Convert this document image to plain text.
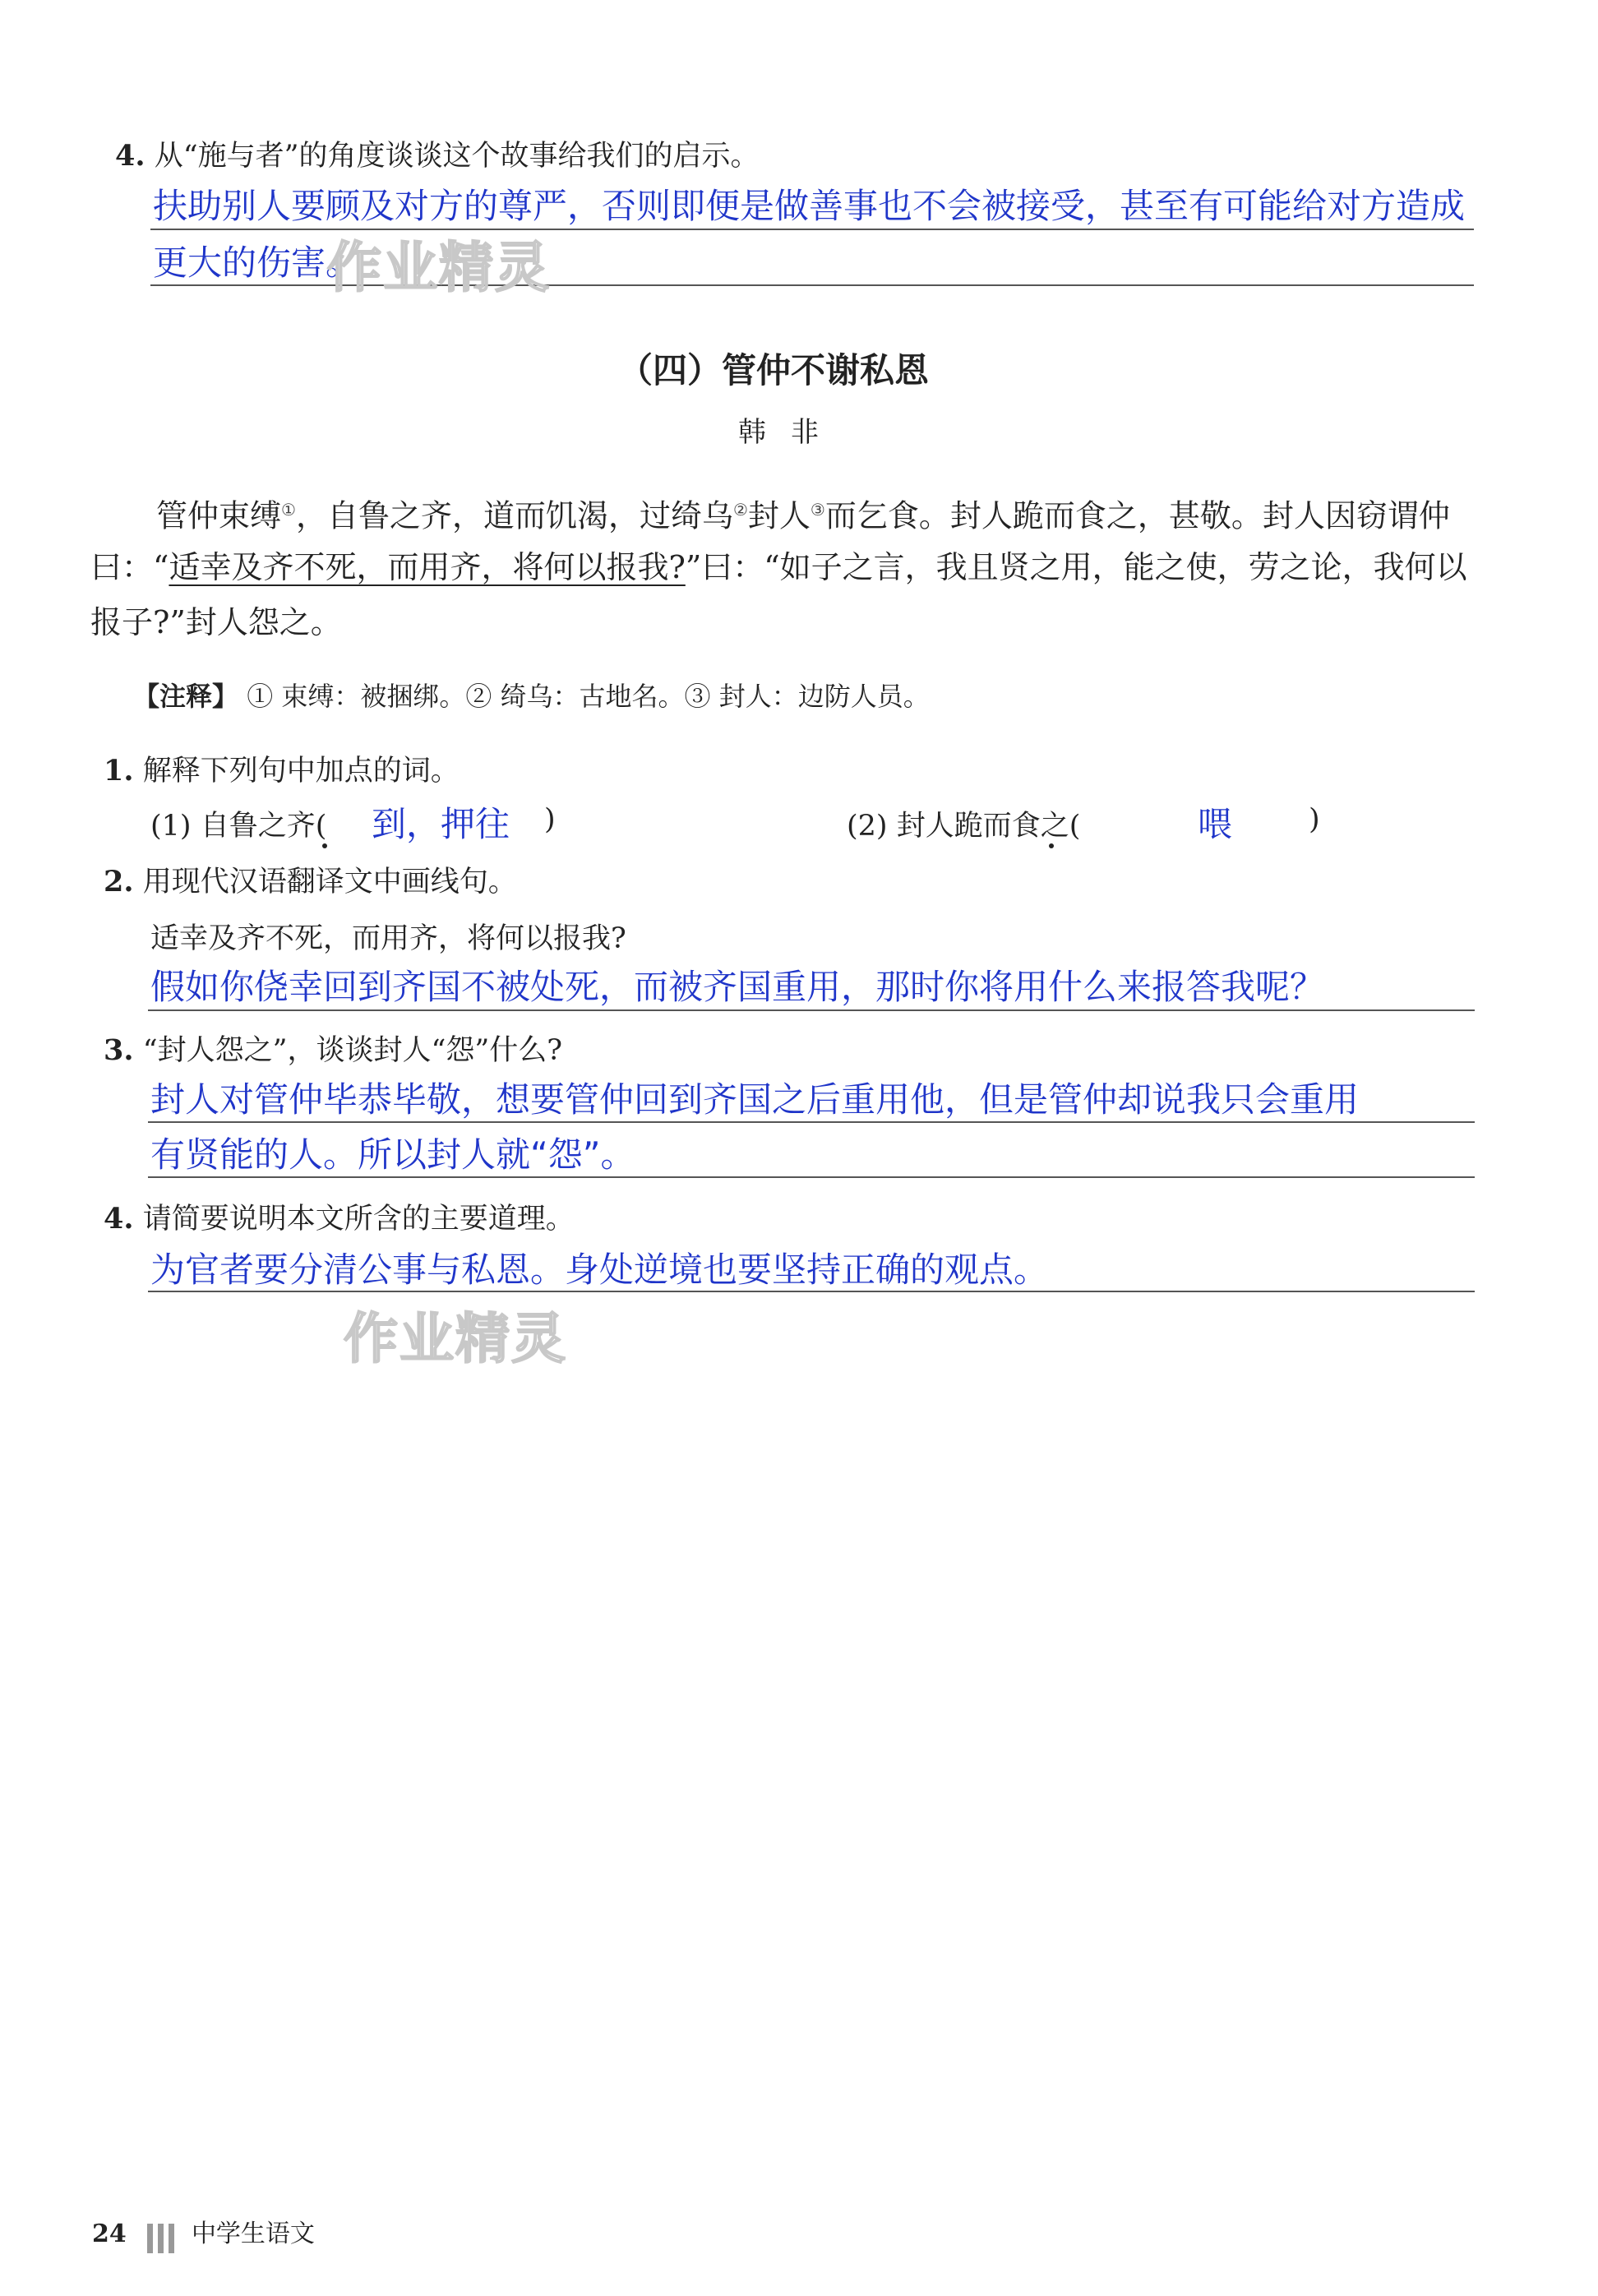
4. 从“施与者”的角度谈谈这个故事给我们的启示。
扶助别人要顾及对方的尊严，否则即便是做善事也不会被接受，甚至有可能给对方造成
更大的伤害。
作业精灵
（四）管仲不谢私恩
韩非
管仲束缚①，自鲁之齐，道而饥渴，过绮乌②封人③而乞食。封人跪而食之，甚敬。封人因窃谓仲
曰：“适幸及齐不死，而用齐，将何以报我?”曰：“如子之言，我且贤之用，能之使，劳之论，我何以
报子?”封人怨之。
【注释】 ① 束缚：被捆绑。② 绮乌：古地名。③ 封人：边防人员。
1. 解释下列句中加点的词。
(1) 自鲁之齐( 到，押往 )	(2) 封人跪而食之(	喂	)
2. 用现代汉语翻译文中画线句。
适幸及齐不死，而用齐，将何以报我?
假如你侥幸回到齐国不被处死，而被齐国重用，那时你将用什么来报答我呢？
3. “封人怨之”，谈谈封人“怨”什么?
封人对管仲毕恭毕敬，想要管仲回到齐国之后重用他，但是管仲却说我只会重用
有贤能的人。所以封人就“怨”。
4. 请简要说明本文所含的主要道理。
为官者要分清公事与私恩。身处逆境也要坚持正确的观点。
作业精灵
24	中学生语文
